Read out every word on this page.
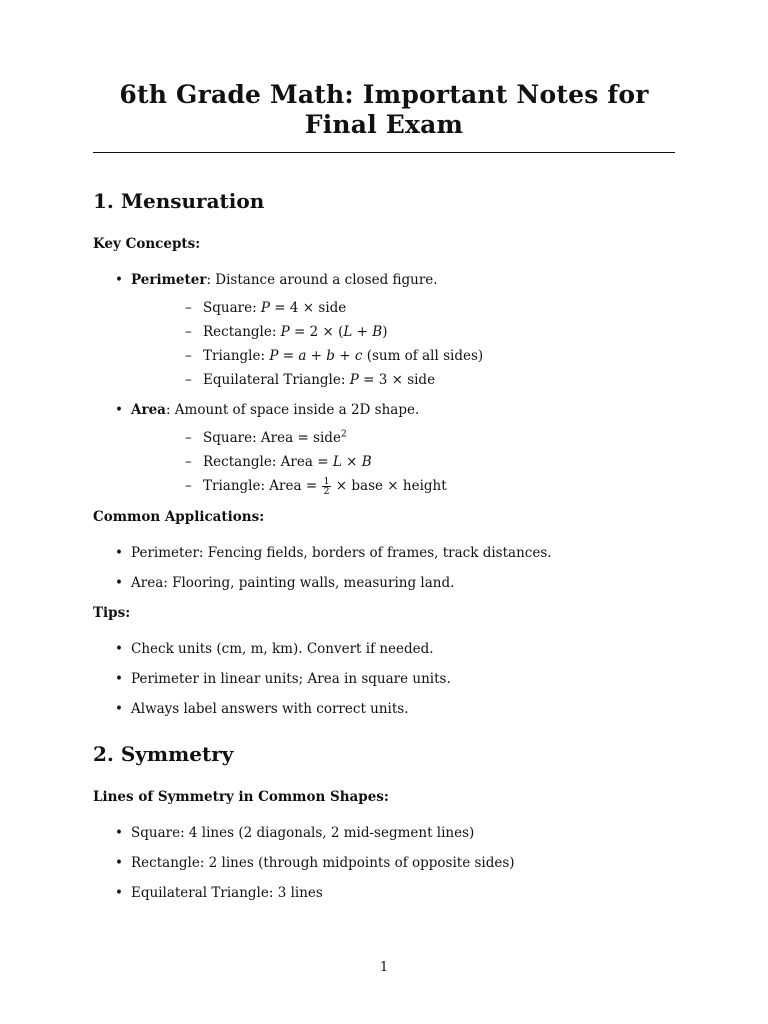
6th Grade Math: Important Notes for Final Exam
1. Mensuration
Key Concepts:
• Perimeter: Distance around a closed figure.
– Square: P = 4 × side
– Rectangle: P = 2 × (L + B)
– Triangle: P = a + b + c (sum of all sides)
– Equilateral Triangle: P = 3 × side
• Area: Amount of space inside a 2D shape.
– Square: Area = side$^2$
– Rectangle: Area = L × B
– Triangle: Area = $\frac{1}{2}$ × base × height
Common Applications:
• Perimeter: Fencing fields, borders of frames, track distances.
• Area: Flooring, painting walls, measuring land.
Tips:
• Check units (cm, m, km). Convert if needed.
• Perimeter in linear units; Area in square units.
• Always label answers with correct units.
2. Symmetry
Lines of Symmetry in Common Shapes:
• Square: 4 lines (2 diagonals, 2 mid-segment lines)
• Rectangle: 2 lines (through midpoints of opposite sides)
• Equilateral Triangle: 3 lines
1
